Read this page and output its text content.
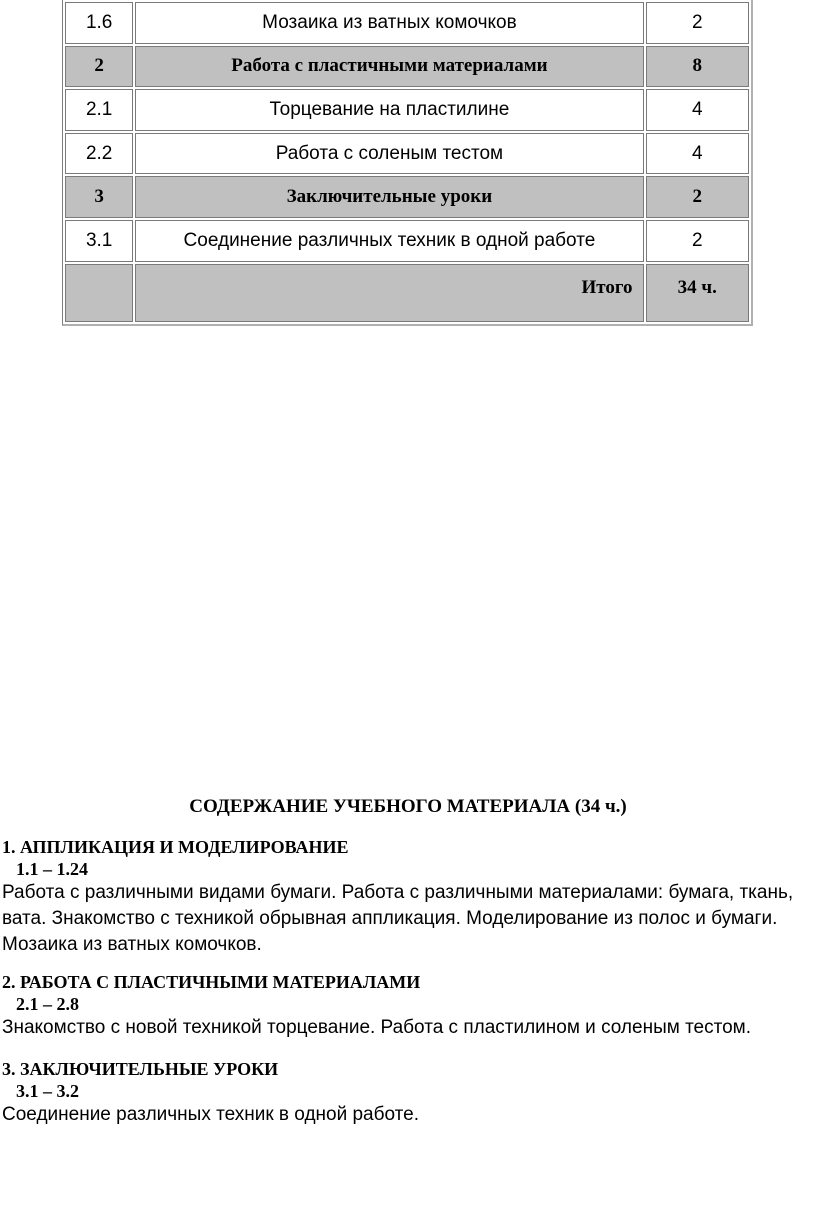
1.6	Мозаика из ватных комочков	2
2	Работа с пластичными материалами	8
2.1	Торцевание на пластилине	4
2.2	Работа с соленым тестом	4
3	Заключительные уроки	2
3.1	Соединение различных техник в одной работе	2
	Итого	34 ч.
СОДЕРЖАНИЕ УЧЕБНОГО МАТЕРИАЛА (34 ч.)

1. АППЛИКАЦИЯ И МОДЕЛИРОВАНИЕ

1.1 – 1.24

Работа с различными видами бумаги. Работа с различными материалами: бумага, ткань, вата. Знакомство с техникой обрывная аппликация. Моделирование из полос и бумаги. Мозаика из ватных комочков.

2. РАБОТА С ПЛАСТИЧНЫМИ МАТЕРИАЛАМИ

2.1 – 2.8

Знакомство с новой техникой торцевание. Работа с пластилином и соленым тестом.

3. ЗАКЛЮЧИТЕЛЬНЫЕ УРОКИ

3.1 – 3.2

Соединение различных техник в одной работе.
